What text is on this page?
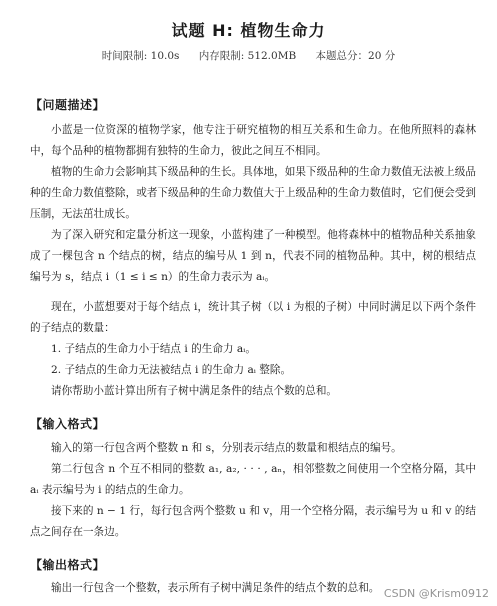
试题 H: 植物生命力
时间限制: 10.0s 内存限制: 512.0MB 本题总分：20 分
【问题描述】

小蓝是一位资深的植物学家，他专注于研究植物的相互关系和生命力。在他所照料的森林中，每个品种的植物都拥有独特的生命力，彼此之间互不相同。

植物的生命力会影响其下级品种的生长。具体地，如果下级品种的生命力数值无法被上级品种的生命力数值整除，或者下级品种的生命力数值大于上级品种的生命力数值时，它们便会受到压制，无法茁壮成长。

为了深入研究和定量分析这一现象，小蓝构建了一种模型。他将森林中的植物品种关系抽象成了一棵包含 n 个结点的树，结点的编号从 1 到 n，代表不同的植物品种。其中，树的根结点编号为 s，结点 i（1 ≤ i ≤ n）的生命力表示为 aᵢ。

现在，小蓝想要对于每个结点 i，统计其子树（以 i 为根的子树）中同时满足以下两个条件的子结点的数量：

1. 子结点的生命力小于结点 i 的生命力 aᵢ。

2. 子结点的生命力无法被结点 i 的生命力 aᵢ 整除。

请你帮助小蓝计算出所有子树中满足条件的结点个数的总和。

【输入格式】

输入的第一行包含两个整数 n 和 s，分别表示结点的数量和根结点的编号。

第二行包含 n 个互不相同的整数 a₁, a₂, · · · , aₙ，相邻整数之间使用一个空格分隔，其中 aᵢ 表示编号为 i 的结点的生命力。

接下来的 n − 1 行，每行包含两个整数 u 和 v，用一个空格分隔，表示编号为 u 和 v 的结点之间存在一条边。

【输出格式】

输出一行包含一个整数，表示所有子树中满足条件的结点个数的总和。 CSDN @Krism0912
